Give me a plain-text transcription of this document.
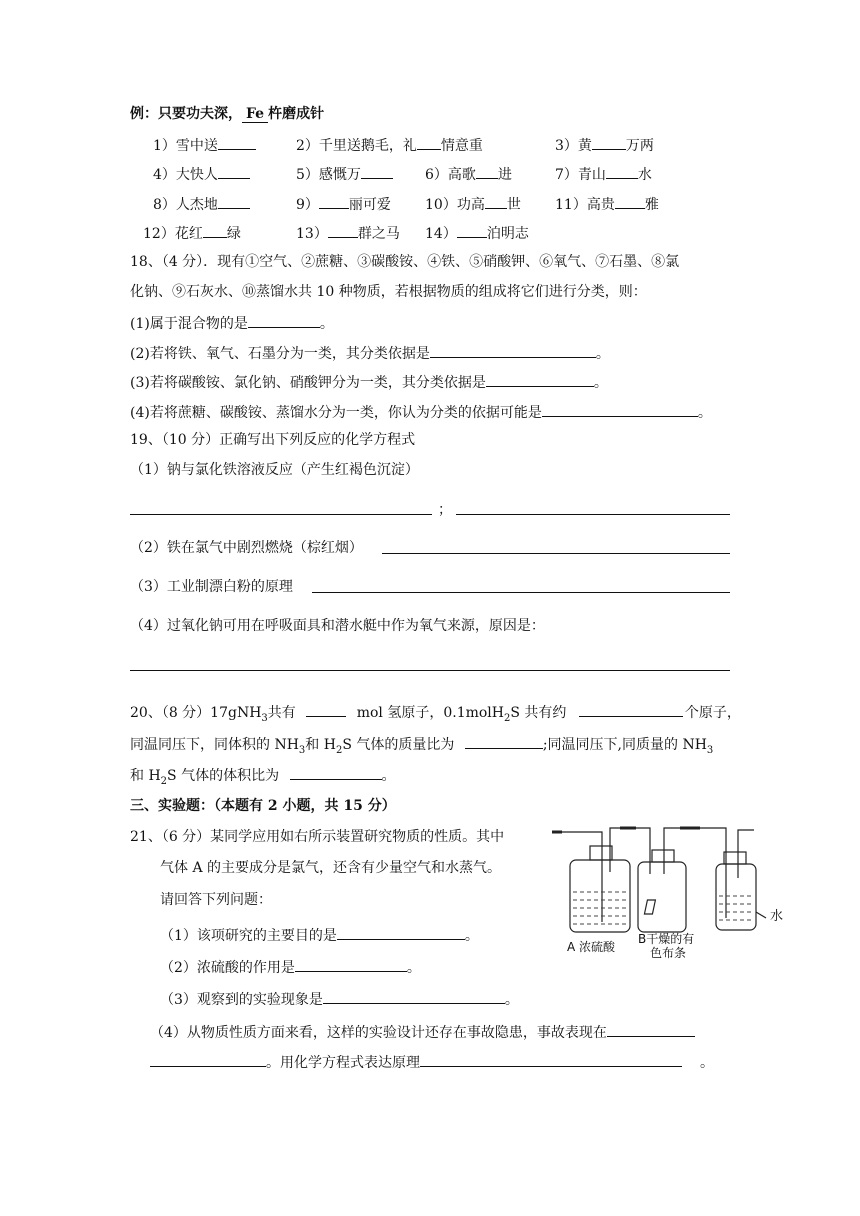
例：只要功夫深， Fe 杵磨成针
1）雪中送	2）千里送鹅毛，礼 情意重	3）黄 万两
4）大快人	5）感慨万	6）高歌 进	7）青山 水
8）人杰地	9） 丽可爱 10）功高 世 11）高贵 雅
12）花红 绿	13） 群之马 14） 泊明志
18、（4 分）．现有①空气、②蔗糖、③碳酸铵、④铁、⑤硝酸钾、⑥氧气、⑦石墨、⑧氯
化钠、⑨石灰水、⑩蒸馏水共 10 种物质，若根据物质的组成将它们进行分类，则：
(1)属于混合物的是	。
(2)若将铁、氧气、石墨分为一类，其分类依据是	。
(3)若将碳酸铵、氯化钠、硝酸钾分为一类，其分类依据是	。
(4)若将蔗糖、碳酸铵、蒸馏水分为一类，你认为分类的依据可能是	。
19、（10 分）正确写出下列反应的化学方程式
（1）钠与氯化铁溶液反应（产生红褐色沉淀）
；
（2）铁在氯气中剧烈燃烧（棕红烟）
（3）工业制漂白粉的原理
（4）过氧化钠可用在呼吸面具和潜水艇中作为氧气来源，原因是：
20、（8 分）17gNH$_3$共有	mol 氢原子，0.1molH$_2$S 共有约	个原子，
同温同压下，同体积的 $NH_3$和 $H_2S$ 气体的质量比为	;同温同压下,同质量的 $NH_3$
和 $H_2S$ 气体的体积比为	。
三、实验题：（本题有 2 小题，共 15 分）
21、（6 分）某同学应用如右所示装置研究物质的性质。其中
气体 A 的主要成分是氯气，还含有少量空气和水蒸气。
请回答下列问题：
（1）该项研究的主要目的是	。
（2）浓硫酸的作用是	。
（3）观察到的实验现象是	。
（4）从物质性质方面来看，这样的实验设计还存在事故隐患，事故表现在
。用化学方程式表达原理	。
A 浓硫酸
B干燥的有
色布条
水
